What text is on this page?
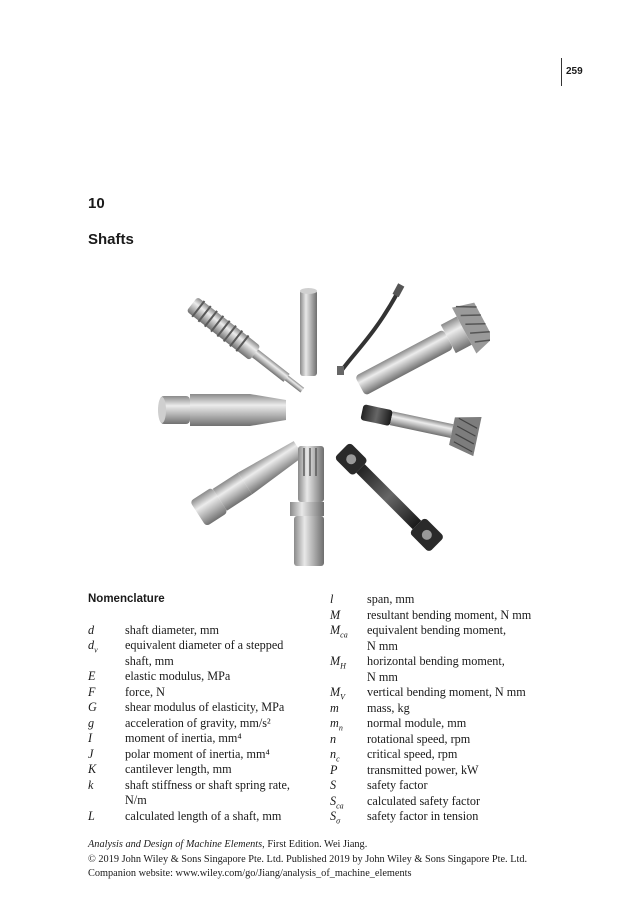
259
10
Shafts
Nomenclature
d	shaft diameter, mm
$d_v$ equivalent diameter of a stepped
shaft, mm
E elastic modulus, MPa
F force, N
G shear modulus of elasticity, MPa
g	acceleration of gravity, mm/s²
I	moment of inertia, mm⁴
J	polar moment of inertia, mm⁴
K cantilever length, mm
k	shaft stiffness or shaft spring rate,
N/m
L calculated length of a shaft, mm
l	span, mm
M resultant bending moment, N mm
$M_{ca}$ equivalent bending moment,
N mm
$M_H$ horizontal bending moment,
N mm
$M_V$ vertical bending moment, N mm
m mass, kg
$m_n$ normal module, mm
n	rotational speed, rpm
$n_c$ critical speed, rpm
P transmitted power, kW
S	safety factor
$S_{ca}$ calculated safety factor
$S_\sigma$ safety factor in tension
Analysis and Design of Machine Elements, First Edition. Wei Jiang.
© 2019 John Wiley & Sons Singapore Pte. Ltd. Published 2019 by John Wiley & Sons Singapore Pte. Ltd.
Companion website: www.wiley.com/go/Jiang/analysis_of_machine_elements
